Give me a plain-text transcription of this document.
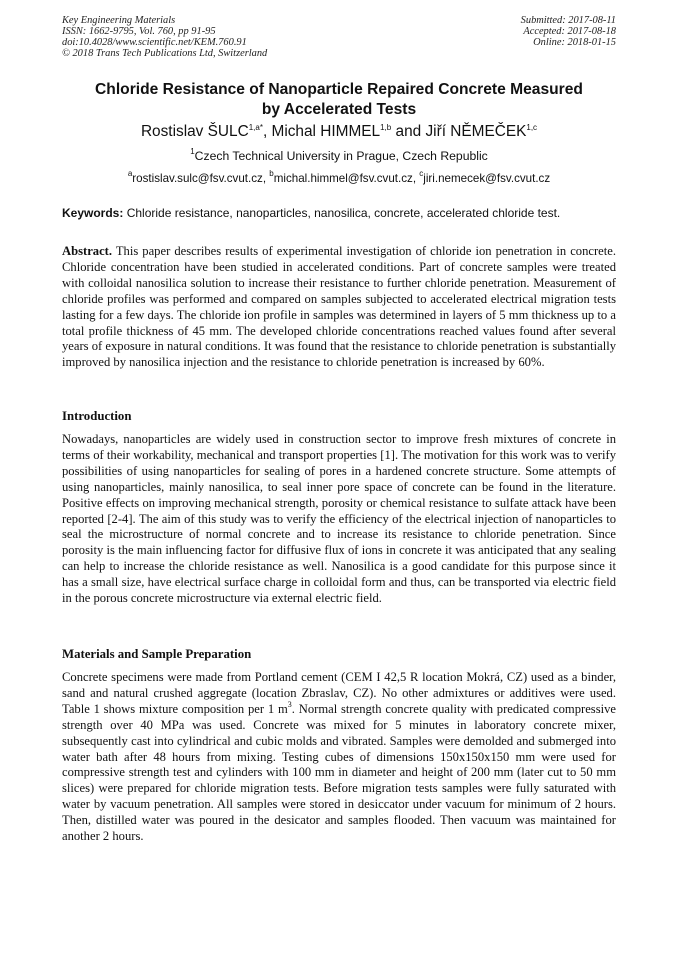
Key Engineering Materials
ISSN: 1662-9795, Vol. 760, pp 91-95
doi:10.4028/www.scientific.net/KEM.760.91
© 2018 Trans Tech Publications Ltd, Switzerland
Submitted: 2017-08-11
Accepted: 2017-08-18
Online: 2018-01-15
Chloride Resistance of Nanoparticle Repaired Concrete Measured
by Accelerated Tests
Rostislav $ŠULC^{1,a*}$, Michal HIMMEL$^{1,b}$ and Jiří NĚMEČEK$^{1,c}$
$^1$Czech Technical University in Prague, Czech Republic
$^a$rostislav.sulc@fsv.cvut.cz, $^b$michal.himmel@fsv.cvut.cz, $^c$jiri.nemecek@fsv.cvut.cz
Keywords: Chloride resistance, nanoparticles, nanosilica, concrete, accelerated chloride test.
Abstract. This paper describes results of experimental investigation of chloride ion penetration in concrete. Chloride concentration have been studied in accelerated conditions. Part of concrete samples were treated with colloidal nanosilica solution to increase their resistance to further chloride penetration. Measurement of chloride profiles was performed and compared on samples subjected to accelerated electrical migration tests lasting for a few days. The chloride ion profile in samples was determined in layers of 5 mm thickness up to a total profile thickness of 45 mm. The developed chloride concentrations reached values found after several years of exposure in natural conditions. It was found that the resistance to chloride penetration is substantially improved by nanosilica injection and the resistance to chloride penetration is increased by 60%.
Introduction
Nowadays, nanoparticles are widely used in construction sector to improve fresh mixtures of concrete in terms of their workability, mechanical and transport properties [1]. The motivation for this work was to verify possibilities of using nanoparticles for sealing of pores in a hardened concrete structure. Some attempts of using nanoparticles, mainly nanosilica, to seal inner pore space of concrete can be found in the literature. Positive effects on improving mechanical strength, porosity or chemical resistance to sulfate attack have been reported [2-4]. The aim of this study was to verify the efficiency of the electrical injection of nanoparticles to seal the microstructure of normal concrete and to increase its resistance to chloride penetration. Since porosity is the main influencing factor for diffusive flux of ions in concrete it was anticipated that any sealing can help to increase the chloride resistance as well. Nanosilica is a good candidate for this purpose since it has a small size, have electrical surface charge in colloidal form and thus, can be transported via electric field in the porous concrete microstructure via external electric field.
Materials and Sample Preparation
Concrete specimens were made from Portland cement (CEM I 42,5 R location Mokrá, CZ) used as a binder, sand and natural crushed aggregate (location Zbraslav, CZ). No other admixtures or additives were used. Table 1 shows mixture composition per 1 $m^3$. Normal strength concrete quality with predicated compressive strength over 40 MPa was used. Concrete was mixed for 5 minutes in laboratory concrete mixer, subsequently cast into cylindrical and cubic molds and vibrated. Samples were demolded and submerged into water bath after 48 hours from mixing. Testing cubes of dimensions 150x150x150 mm were used for compressive strength test and cylinders with 100 mm in diameter and height of 200 mm (later cut to 50 mm slices) were prepared for chloride migration tests. Before migration tests samples were fully saturated with water by vacuum penetration. All samples were stored in desiccator under vacuum for minimum of 2 hours. Then, distilled water was poured in the desicator and samples flooded. Then vacuum was maintained for another 2 hours.
